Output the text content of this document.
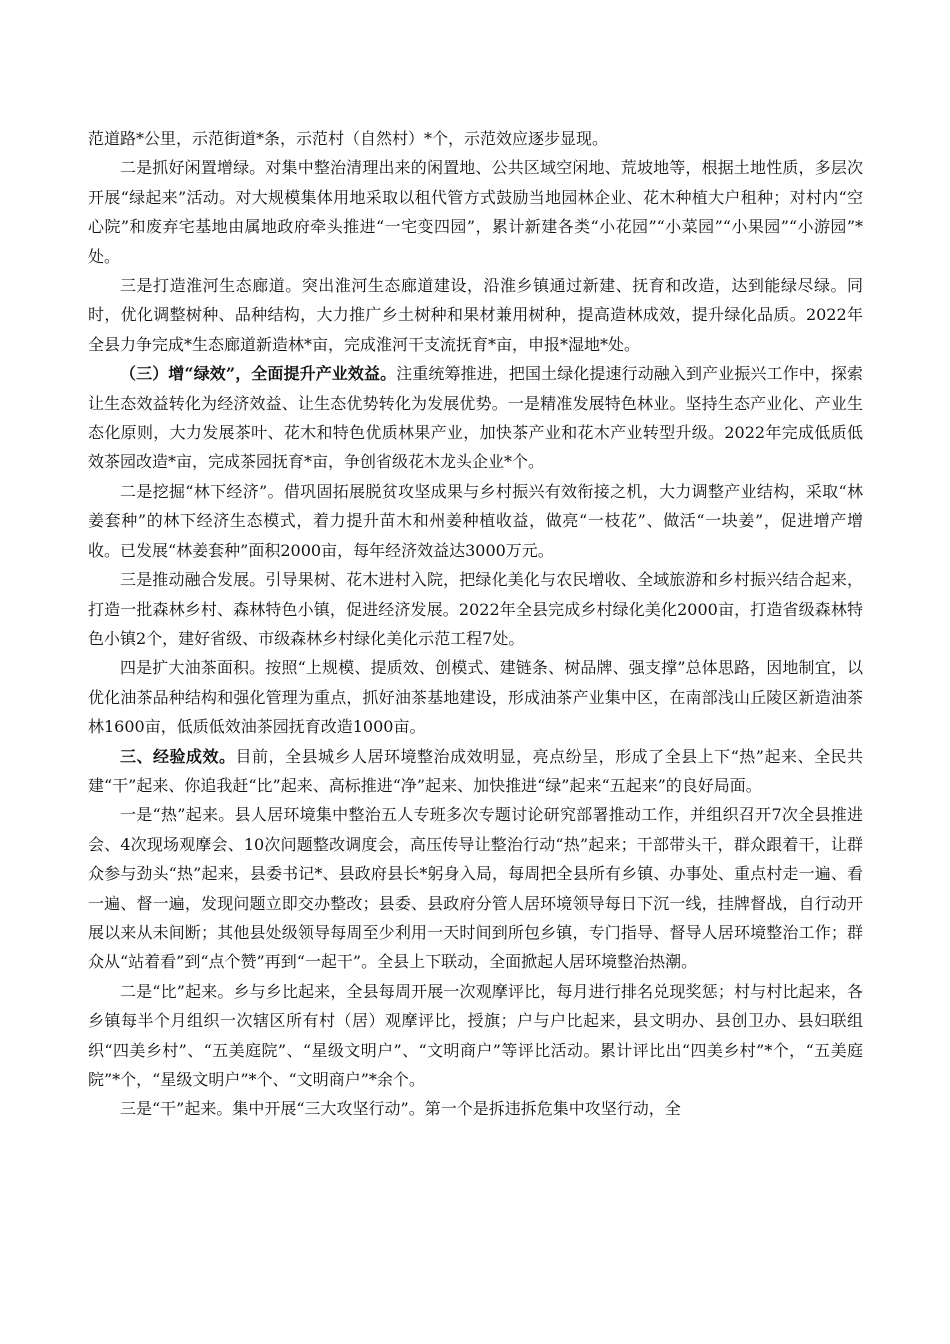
范道路*公里，示范街道*条，示范村（自然村）*个，示范效应逐步显现。

二是抓好闲置增绿。对集中整治清理出来的闲置地、公共区域空闲地、荒坡地等，根据土地性质，多层次开展“绿起来”活动。对大规模集体用地采取以租代管方式鼓励当地园林企业、花木种植大户租种；对村内“空心院”和废弃宅基地由属地政府牵头推进“一宅变四园”，累计新建各类“小花园”“小菜园”“小果园”“小游园”*处。

三是打造淮河生态廊道。突出淮河生态廊道建设，沿淮乡镇通过新建、抚育和改造，达到能绿尽绿。同时，优化调整树种、品种结构，大力推广乡土树种和果材兼用树种，提高造林成效，提升绿化品质。2022年全县力争完成*生态廊道新造林*亩，完成淮河干支流抚育*亩，申报*湿地*处。

（三）增“绿效”，全面提升产业效益。注重统筹推进，把国土绿化提速行动融入到产业振兴工作中，探索让生态效益转化为经济效益、让生态优势转化为发展优势。一是精准发展特色林业。坚持生态产业化、产业生态化原则，大力发展茶叶、花木和特色优质林果产业，加快茶产业和花木产业转型升级。2022年完成低质低效茶园改造*亩，完成茶园抚育*亩，争创省级花木龙头企业*个。

二是挖掘“林下经济”。借巩固拓展脱贫攻坚成果与乡村振兴有效衔接之机，大力调整产业结构，采取“林姜套种”的林下经济生态模式，着力提升苗木和州姜种植收益，做亮“一枝花”、做活“一块姜”，促进增产增收。已发展“林姜套种”面积2000亩，每年经济效益达3000万元。

三是推动融合发展。引导果树、花木进村入院，把绿化美化与农民增收、全域旅游和乡村振兴结合起来，打造一批森林乡村、森林特色小镇，促进经济发展。2022年全县完成乡村绿化美化2000亩，打造省级森林特色小镇2个，建好省级、市级森林乡村绿化美化示范工程7处。

四是扩大油茶面积。按照“上规模、提质效、创模式、建链条、树品牌、强支撑”总体思路，因地制宜，以优化油茶品种结构和强化管理为重点，抓好油茶基地建设，形成油茶产业集中区，在南部浅山丘陵区新造油茶林1600亩，低质低效油茶园抚育改造1000亩。

三、经验成效。目前，全县城乡人居环境整治成效明显，亮点纷呈，形成了全县上下“热”起来、全民共建“干”起来、你追我赶“比”起来、高标推进“净”起来、加快推进“绿”起来“五起来”的良好局面。

一是“热”起来。县人居环境集中整治五人专班多次专题讨论研究部署推动工作，并组织召开7次全县推进会、4次现场观摩会、10次问题整改调度会，高压传导让整治行动“热”起来；干部带头干，群众跟着干，让群众参与劲头“热”起来，县委书记*、县政府县长*躬身入局，每周把全县所有乡镇、办事处、重点村走一遍、看一遍、督一遍，发现问题立即交办整改；县委、县政府分管人居环境领导每日下沉一线，挂牌督战，自行动开展以来从未间断；其他县处级领导每周至少利用一天时间到所包乡镇，专门指导、督导人居环境整治工作；群众从“站着看”到“点个赞”再到“一起干”。全县上下联动，全面掀起人居环境整治热潮。

二是“比”起来。乡与乡比起来，全县每周开展一次观摩评比，每月进行排名兑现奖惩；村与村比起来，各乡镇每半个月组织一次辖区所有村（居）观摩评比，授旗；户与户比起来，县文明办、县创卫办、县妇联组织“四美乡村”、“五美庭院”、“星级文明户”、“文明商户”等评比活动。累计评比出“四美乡村”*个，“五美庭院”*个，“星级文明户”*个、“文明商户”*余个。

三是“干”起来。集中开展“三大攻坚行动”。第一个是拆违拆危集中攻坚行动，全
